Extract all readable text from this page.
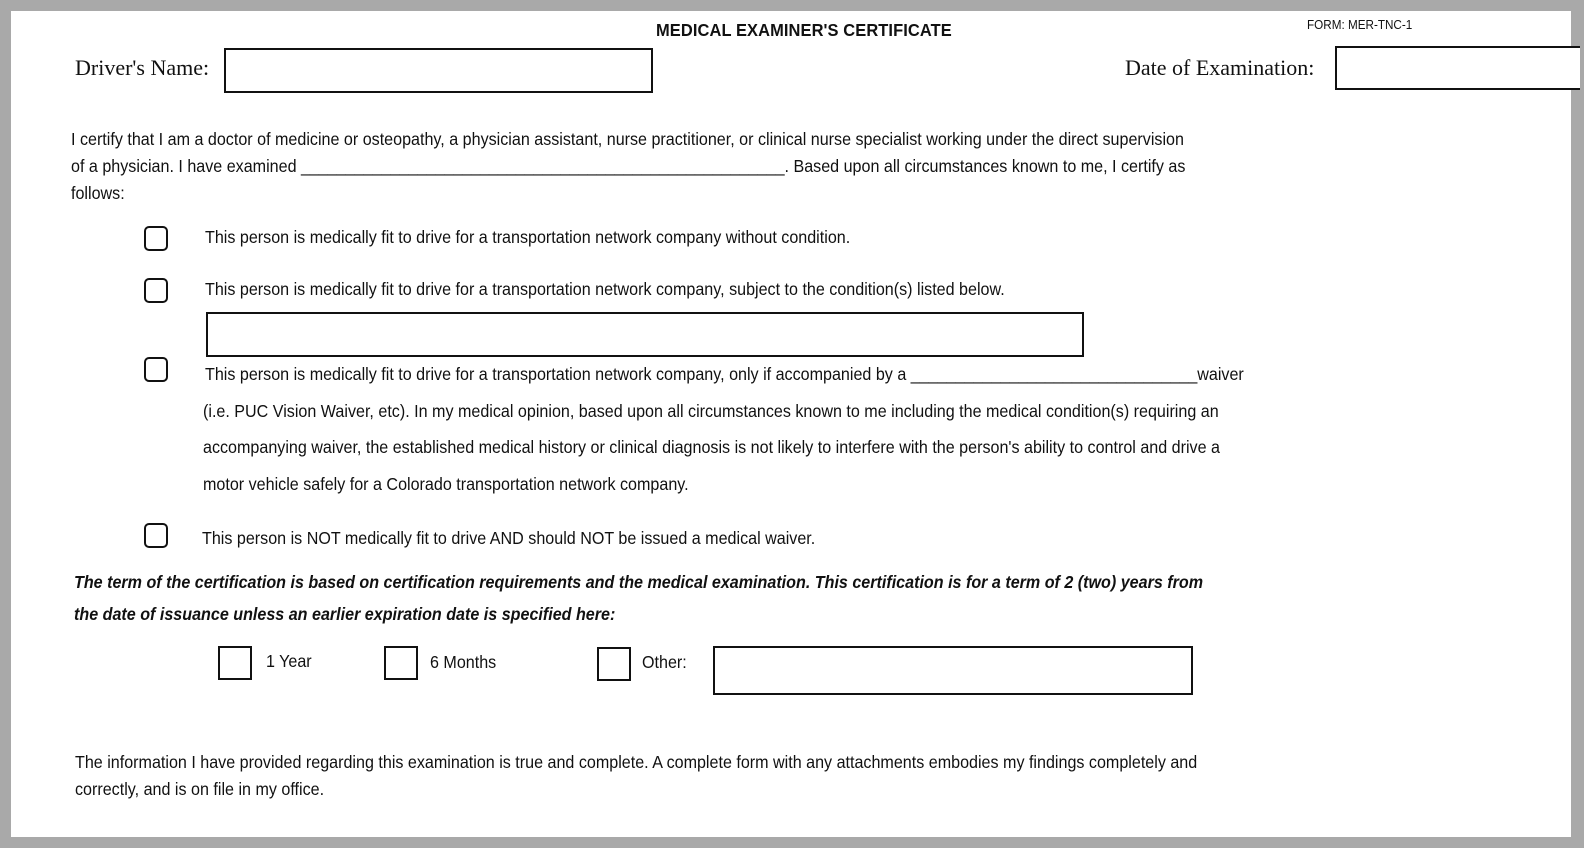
MEDICAL EXAMINER'S CERTIFICATE	FORM: MER-TNC-1
Driver's Name:	Date of Examination:
I certify that I am a doctor of medicine or osteopathy, a physician assistant, nurse practitioner, or clinical nurse specialist working under the direct supervision
of a physician. I have examined ______________________________________________________. Based upon all circumstances known to me, I certify as
follows:
This person is medically fit to drive for a transportation network company without condition.
This person is medically fit to drive for a transportation network company, subject to the condition(s) listed below.
This person is medically fit to drive for a transportation network company, only if accompanied by a ________________________________waiver
(i.e. PUC Vision Waiver, etc). In my medical opinion, based upon all circumstances known to me including the medical condition(s) requiring an
accompanying waiver, the established medical history or clinical diagnosis is not likely to interfere with the person's ability to control and drive a
motor vehicle safely for a Colorado transportation network company.
This person is NOT medically fit to drive AND should NOT be issued a medical waiver.
The term of the certification is based on certification requirements and the medical examination. This certification is for a term of 2 (two) years from
the date of issuance unless an earlier expiration date is specified here:
1 Year	6 Months	Other:
The information I have provided regarding this examination is true and complete. A complete form with any attachments embodies my findings completely and
correctly, and is on file in my office.
